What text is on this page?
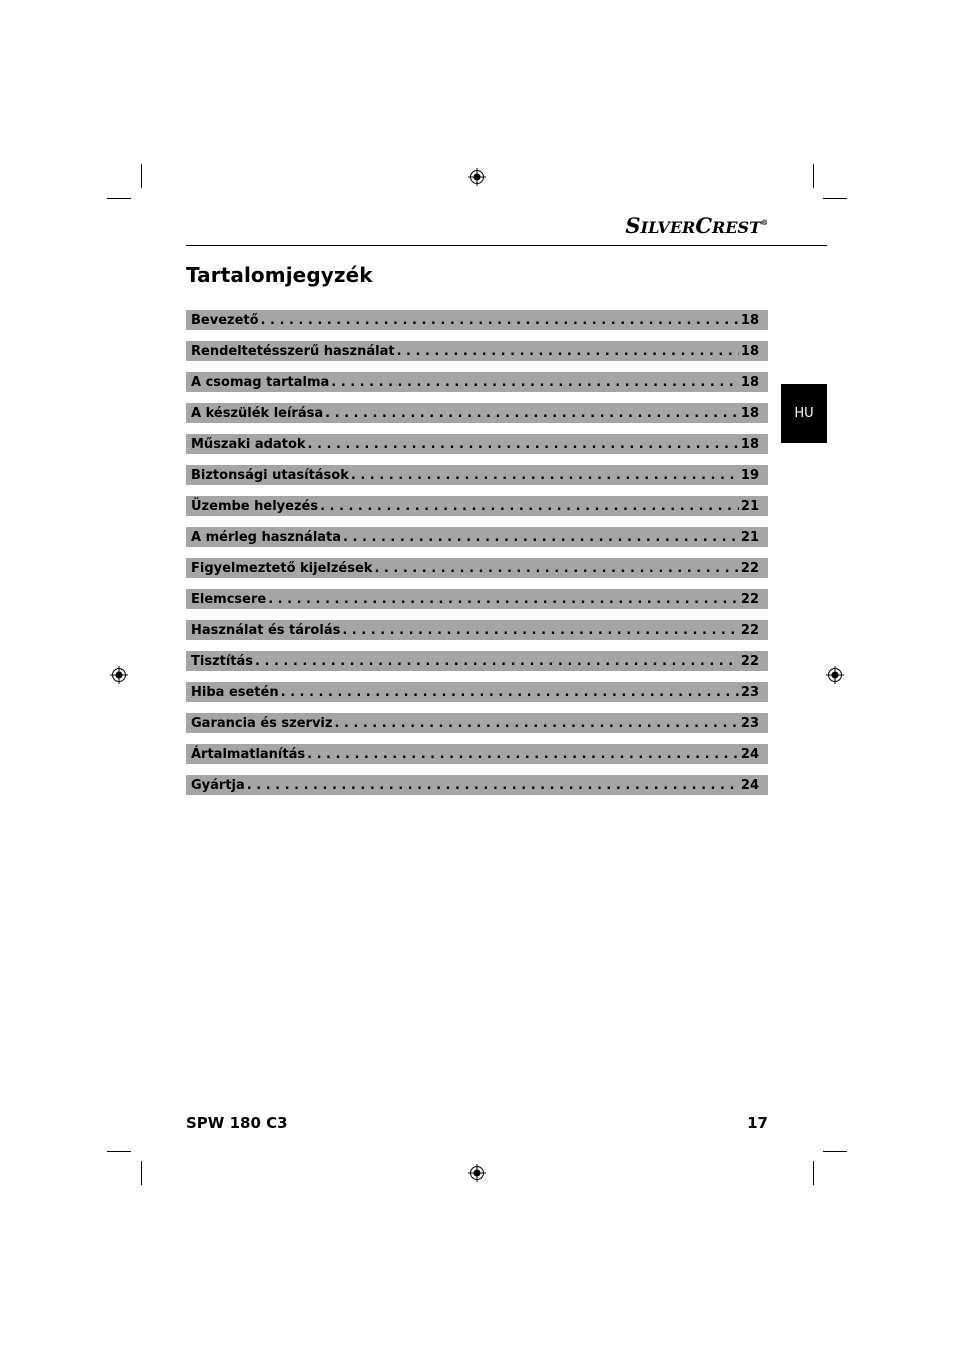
SILVERCREST®
Tartalomjegyzék
Bevezető . . .	18
Rendeltetésszerű használat . . .	18
A csomag tartalma . . .	18
A készülék leírása . . .	18
Műszaki adatok . . .	18
Biztonsági utasítások . . .	19
Üzembe helyezés . . .	21
A mérleg használata . . .	21
Figyelmeztető kijelzések . . .	22
Elemcsere . . .	22
Használat és tárolás . . .	22
Tisztítás . . .	22
Hiba esetén . . .	23
Garancia és szerviz . . .	23
Ártalmatlanítás . . .	24
Gyártja . . .	24
HU
SPW 180 C3	17
